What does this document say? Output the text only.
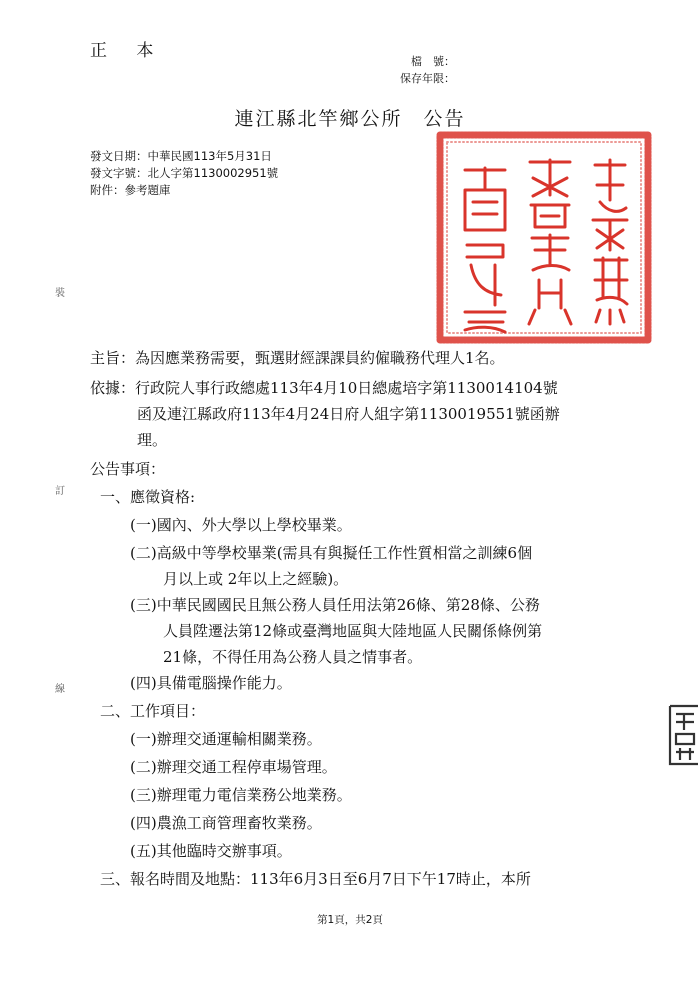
正 本
檔　號：
保存年限：
連江縣北竿鄉公所　公告
發文日期：中華民國113年5月31日
發文字號：北人字第1130002951號
附件：參考題庫
裝
訂
線
主旨：為因應業務需要，甄選財經課課員約僱職務代理人1名。
依據：行政院人事行政總處113年4月10日總處培字第1130014104號
函及連江縣政府113年4月24日府人組字第1130019551號函辦
理。
公告事項：
一、應徵資格:
(一)國內、外大學以上學校畢業。
(二)高級中等學校畢業(需具有與擬任工作性質相當之訓練6個
月以上或 2年以上之經驗)。
(三)中華民國國民且無公務人員任用法第26條、第28條、公務
人員陞遷法第12條或臺灣地區與大陸地區人民關係條例第
21條，不得任用為公務人員之情事者。
(四)具備電腦操作能力。
二、工作項目：
(一)辦理交通運輸相關業務。
(二)辦理交通工程停車場管理。
(三)辦理電力電信業務公地業務。
(四)農漁工商管理畜牧業務。
(五)其他臨時交辦事項。
三、報名時間及地點：113年6月3日至6月7日下午17時止，本所
第1頁，共2頁
